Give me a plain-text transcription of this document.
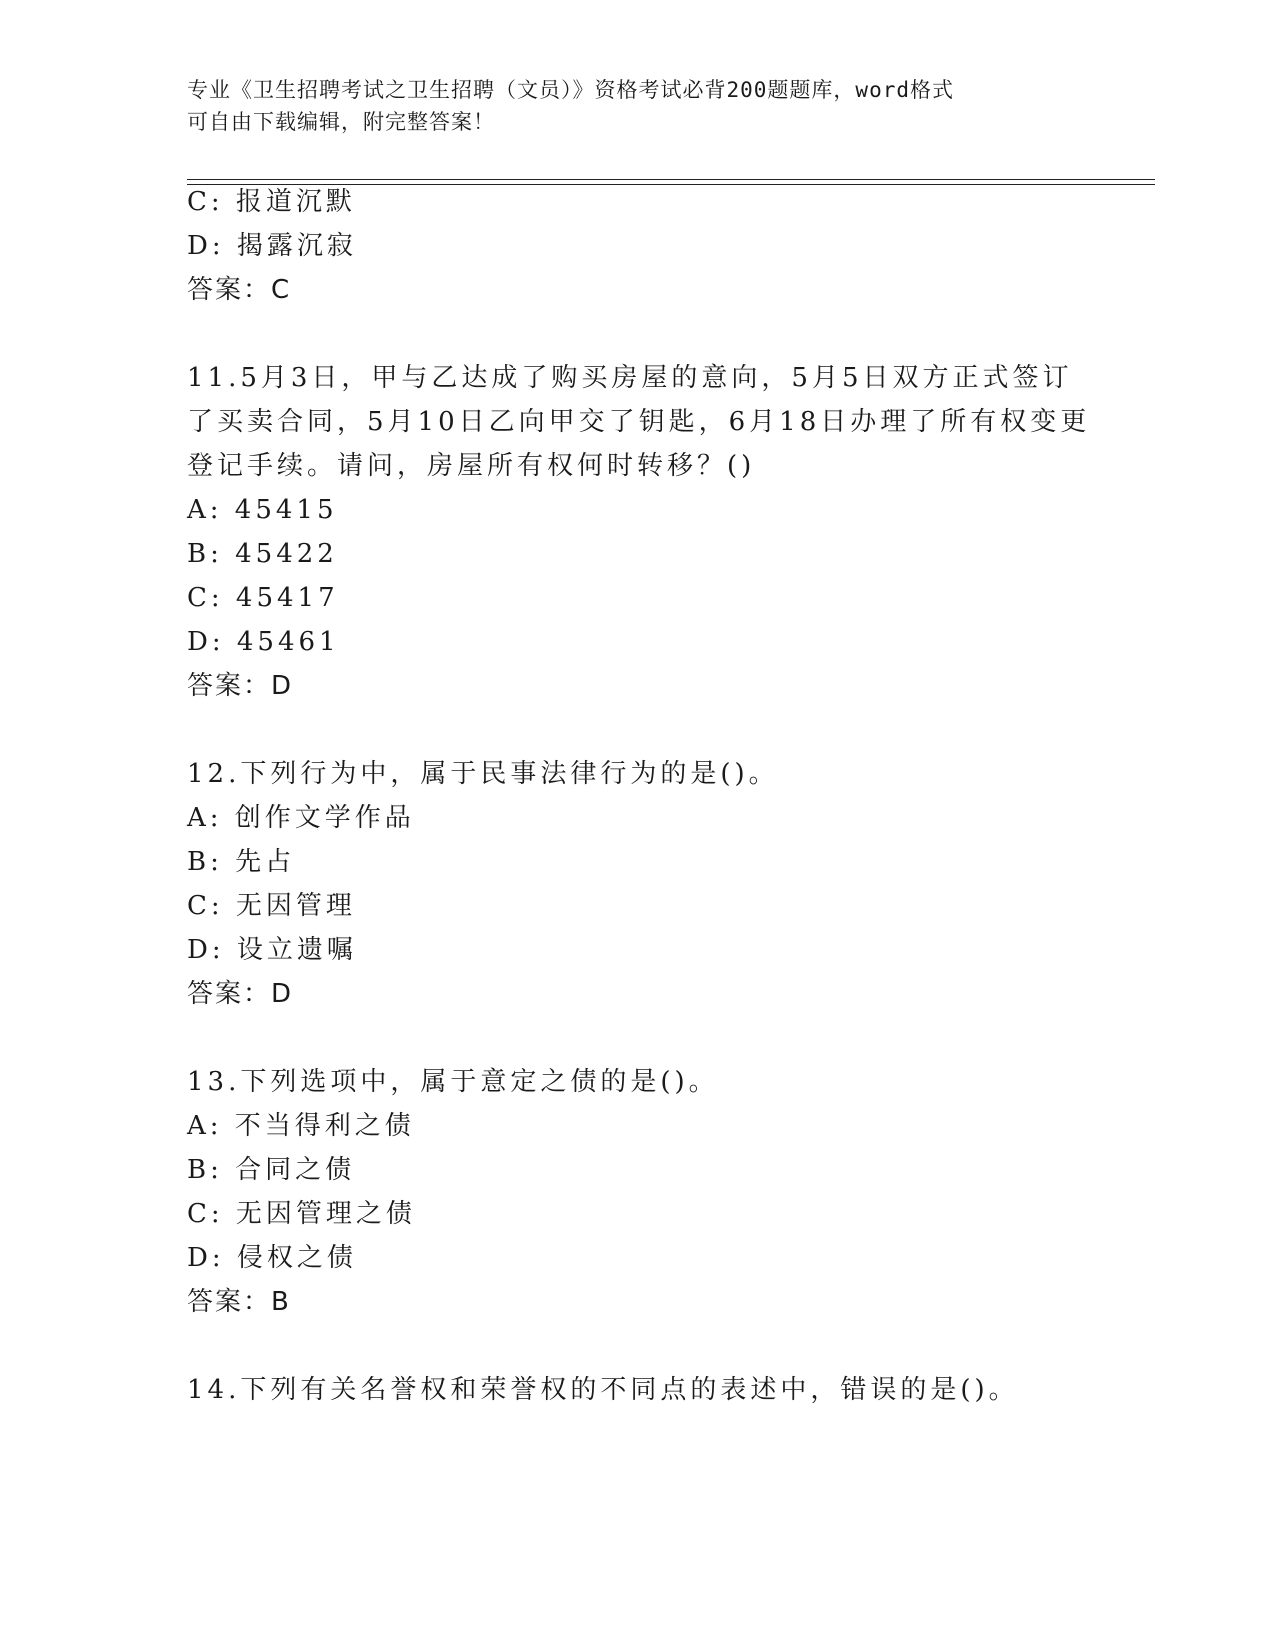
专业《卫生招聘考试之卫生招聘（文员）》资格考试必背200题题库，word格式
可自由下载编辑，附完整答案！
C: 报道沉默
D: 揭露沉寂
答案：C
11.5月3日，甲与乙达成了购买房屋的意向，5月5日双方正式签订
了买卖合同，5月10日乙向甲交了钥匙，6月18日办理了所有权变更
登记手续。请问，房屋所有权何时转移？()
A: 45415
B: 45422
C: 45417
D: 45461
答案：D
12.下列行为中，属于民事法律行为的是()。
A: 创作文学作品
B: 先占
C: 无因管理
D: 设立遗嘱
答案：D
13.下列选项中，属于意定之债的是()。
A: 不当得利之债
B: 合同之债
C: 无因管理之债
D: 侵权之债
答案：B
14.下列有关名誉权和荣誉权的不同点的表述中，错误的是()。
